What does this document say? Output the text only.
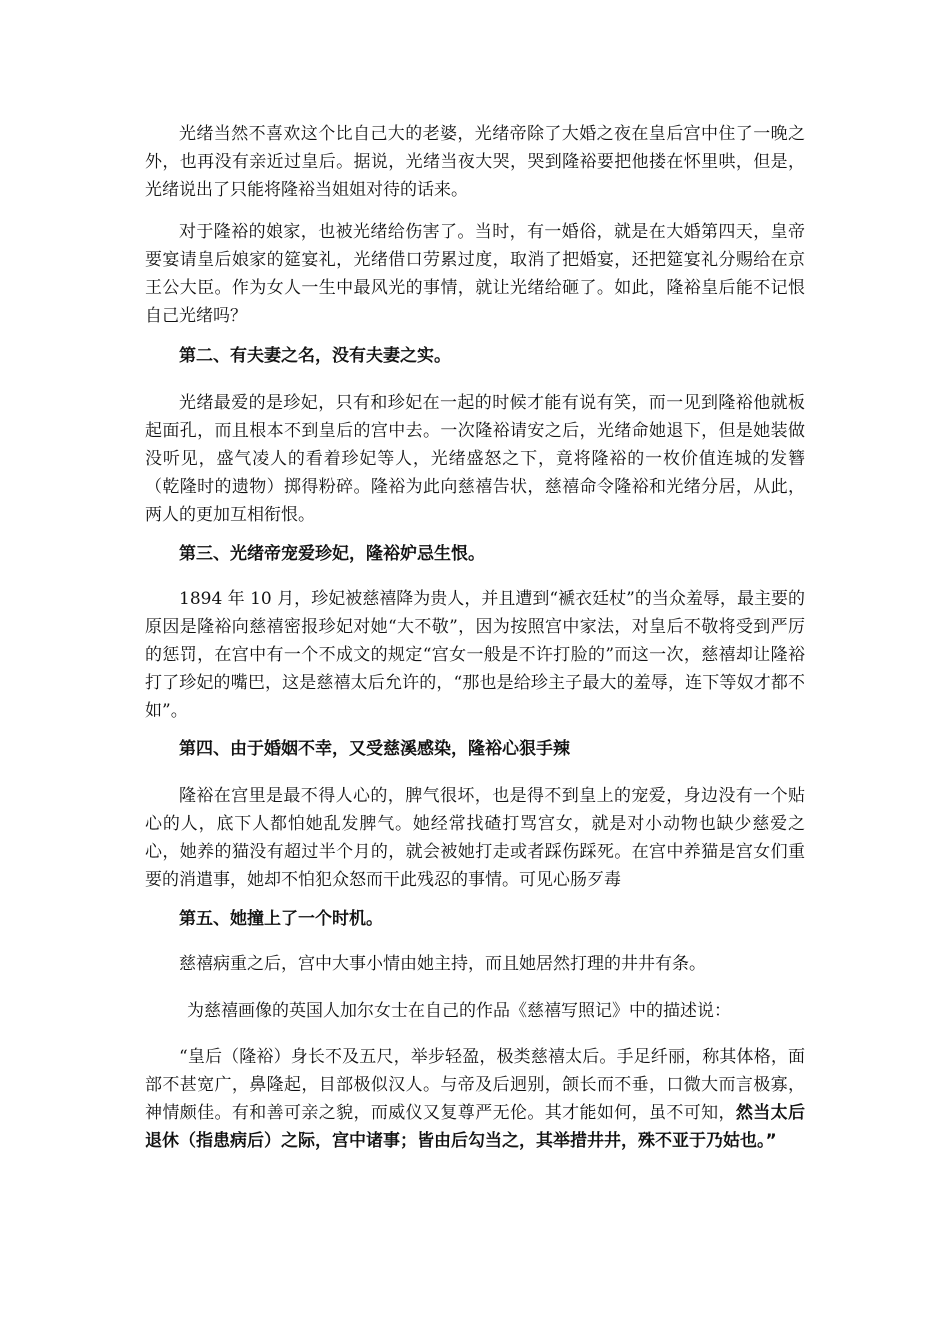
光绪当然不喜欢这个比自己大的老婆，光绪帝除了大婚之夜在皇后宫中住了一晚之外，也再没有亲近过皇后。据说，光绪当夜大哭，哭到隆裕要把他搂在怀里哄，但是，光绪说出了只能将隆裕当姐姐对待的话来。

对于隆裕的娘家，也被光绪给伤害了。当时，有一婚俗，就是在大婚第四天，皇帝要宴请皇后娘家的筵宴礼，光绪借口劳累过度，取消了把婚宴，还把筵宴礼分赐给在京王公大臣。作为女人一生中最风光的事情，就让光绪给砸了。如此，隆裕皇后能不记恨自己光绪吗？

第二、有夫妻之名，没有夫妻之实。

光绪最爱的是珍妃，只有和珍妃在一起的时候才能有说有笑，而一见到隆裕他就板起面孔，而且根本不到皇后的宫中去。一次隆裕请安之后，光绪命她退下，但是她装做没听见，盛气凌人的看着珍妃等人，光绪盛怒之下，竟将隆裕的一枚价值连城的发簪（乾隆时的遗物）掷得粉碎。隆裕为此向慈禧告状，慈禧命令隆裕和光绪分居，从此，两人的更加互相衔恨。

第三、光绪帝宠爱珍妃，隆裕妒忌生恨。

1894 年 10 月，珍妃被慈禧降为贵人，并且遭到“褫衣廷杖”的当众羞辱，最主要的原因是隆裕向慈禧密报珍妃对她“大不敬”，因为按照宫中家法，对皇后不敬将受到严厉的惩罚，在宫中有一个不成文的规定“宫女一般是不许打脸的”而这一次，慈禧却让隆裕打了珍妃的嘴巴，这是慈禧太后允许的，“那也是给珍主子最大的羞辱，连下等奴才都不如”。

第四、由于婚姻不幸，又受慈溪感染，隆裕心狠手辣

隆裕在宫里是最不得人心的，脾气很坏，也是得不到皇上的宠爱，身边没有一个贴心的人，底下人都怕她乱发脾气。她经常找碴打骂宫女，就是对小动物也缺少慈爱之心，她养的猫没有超过半个月的，就会被她打走或者踩伤踩死。在宫中养猫是宫女们重要的消遣事，她却不怕犯众怒而干此残忍的事情。可见心肠歹毒

第五、她撞上了一个时机。

慈禧病重之后，宫中大事小情由她主持，而且她居然打理的井井有条。

为慈禧画像的英国人加尔女士在自己的作品《慈禧写照记》中的描述说：

“皇后（隆裕）身长不及五尺，举步轻盈，极类慈禧太后。手足纤丽，称其体格，面部不甚宽广，鼻隆起，目部极似汉人。与帝及后迥别，颌长而不垂，口微大而言极寡，神情颇佳。有和善可亲之貌，而威仪又复尊严无伦。其才能如何，虽不可知，然当太后退休（指患病后）之际，宫中诸事；皆由后勾当之，其举措井井，殊不亚于乃姑也。”
